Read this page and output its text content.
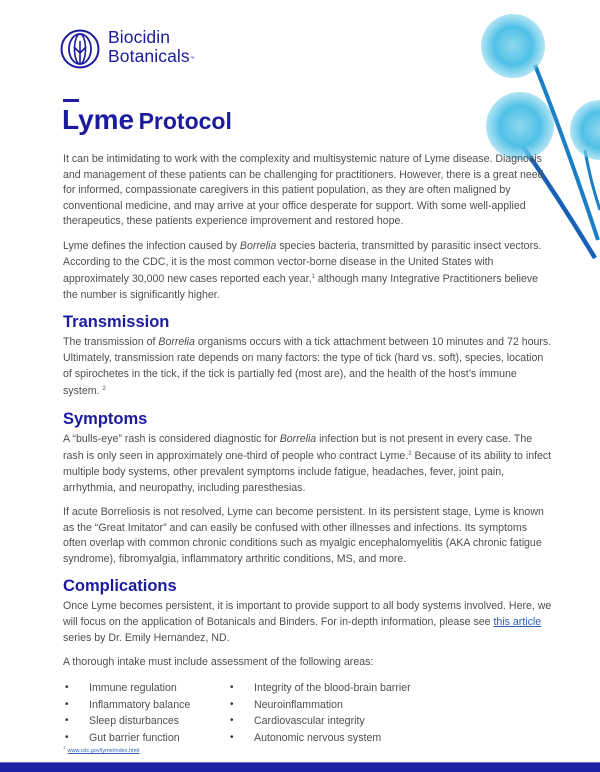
Biocidin
Botanicals™
Lyme Protocol

It can be intimidating to work with the complexity and multisystemic nature of Lyme disease. Diagnosis and management of these patients can be challenging for practitioners. However, there is a great need for informed, compassionate caregivers in this patient population, as they are often maligned by conventional medicine, and may arrive at your office desperate for support. With some well-applied therapeutics, these patients experience improvement and restored hope.

Lyme defines the infection caused by Borrelia species bacteria, transmitted by parasitic insect vectors. According to the CDC, it is the most common vector-borne disease in the United States with approximately 30,000 new cases reported each year,$^1$ although many Integrative Practitioners believe the number is significantly higher.

Transmission

The transmission of Borrelia organisms occurs with a tick attachment between 10 minutes and 72 hours. Ultimately, transmission rate depends on many factors: the type of tick (hard vs. soft), species, location of spirochetes in the tick, if the tick is partially fed (most are), and the health of the host’s immune system. $^2$

Symptoms

A “bulls-eye” rash is considered diagnostic for Borrelia infection but is not present in every case. The rash is only seen in approximately one-third of people who contract Lyme.$^2$ Because of its ability to infect multiple body systems, other prevalent symptoms include fatigue, headaches, fever, joint pain, arrhythmia, and neuropathy, including paresthesias.

If acute Borreliosis is not resolved, Lyme can become persistent. In its persistent stage, Lyme is known as the “Great Imitator” and can easily be confused with other illnesses and infections. Its symptoms often overlap with common chronic conditions such as myalgic encephalomyelitis (AKA chronic fatigue syndrome), fibromyalgia, inflammatory arthritic conditions, MS, and more.

Complications

Once Lyme becomes persistent, it is important to provide support to all body systems involved. Here, we will focus on the application of Botanicals and Binders. For in-depth information, please see this article series by Dr. Emily Hernandez, ND.

A thorough intake must include assessment of the following areas:

• Immune regulation
• Inflammatory balance
• Sleep disturbances
• Gut barrier function
• Integrity of the blood-brain barrier
• Neuroinflammation
• Cardiovascular integrity
• Autonomic nervous system
$^1$www.cdc.gov/lyme/index.html
